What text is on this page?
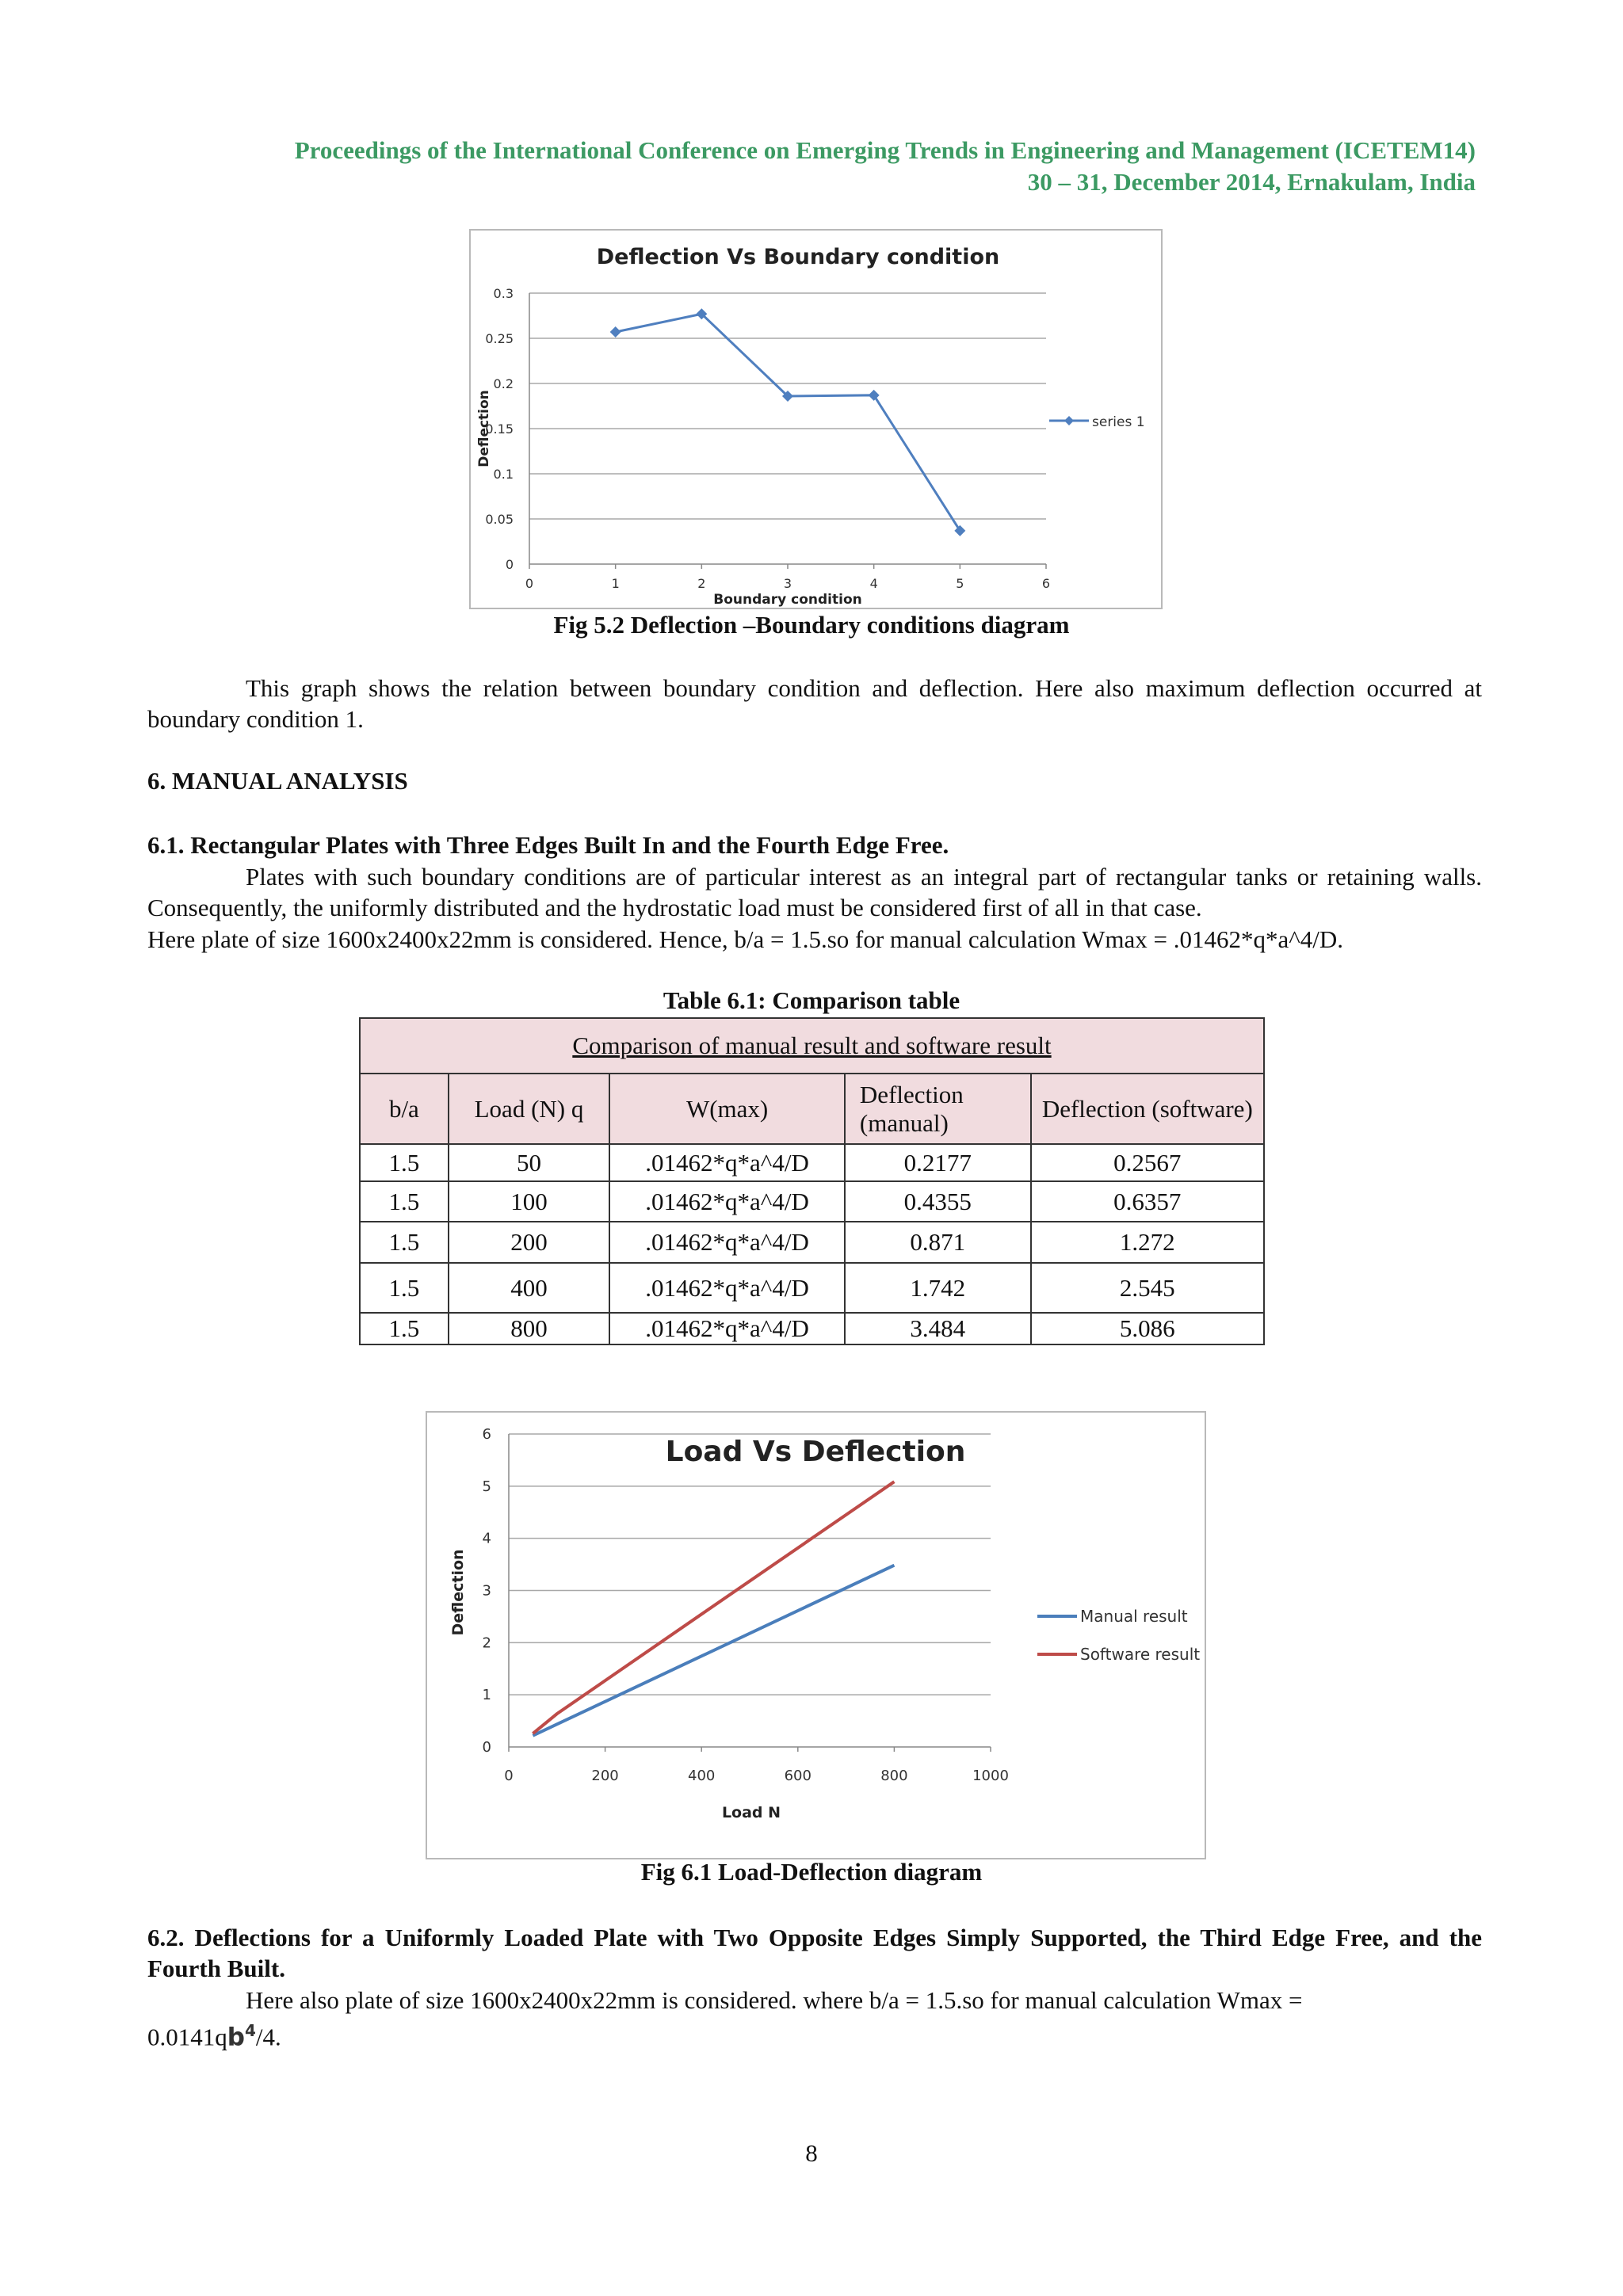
Proceedings of the International Conference on Emerging Trends in Engineering and Management (ICETEM14)
30 – 31, December 2014, Ernakulam, India
0
0.05
0.1
0.15
0.2
0.25
0.3
0	1	2	3	4	5	6
Deflection Vs Boundary condition
Boundary condition
Deflection	series 1
Fig 5.2 Deflection –Boundary conditions diagram
This graph shows the relation between boundary condition and deflection. Here also maximum deflection occurred at boundary condition 1.
6. MANUAL ANALYSIS
6.1. Rectangular Plates with Three Edges Built In and the Fourth Edge Free.
Plates with such boundary conditions are of particular interest as an integral part of rectangular tanks or retaining walls. Consequently, the uniformly distributed and the hydrostatic load must be considered first of all in that case.
Here plate of size 1600x2400x22mm is considered. Hence, b/a = 1.5.so for manual calculation Wmax = .01462*q*a^4/D.
Table 6.1: Comparison table
Comparison of manual result and software result				
b/a	Load (N) q	W(max)	Deflection (manual)	Deflection (software)
1.5	50	.01462*q*a^4/D	0.2177	0.2567
1.5	100	.01462*q*a^4/D	0.4355	0.6357
1.5	200	.01462*q*a^4/D	0.871	1.272
1.5	400	.01462*q*a^4/D	1.742	2.545
1.5	800	.01462*q*a^4/D	3.484	5.086
0
1
2
3
4
5
6
0	200	400	600	800	1000
Load Vs Deflection
Load N
Deflection	Manual result
Software result
Fig 6.1 Load-Deflection diagram
6.2. Deflections for a Uniformly Loaded Plate with Two Opposite Edges Simply Supported, the Third Edge Free, and the Fourth Built.
Here also plate of size 1600x2400x22mm is considered. where b/a = 1.5.so for manual calculation Wmax =
$0.0141qb^4/4$.
8
